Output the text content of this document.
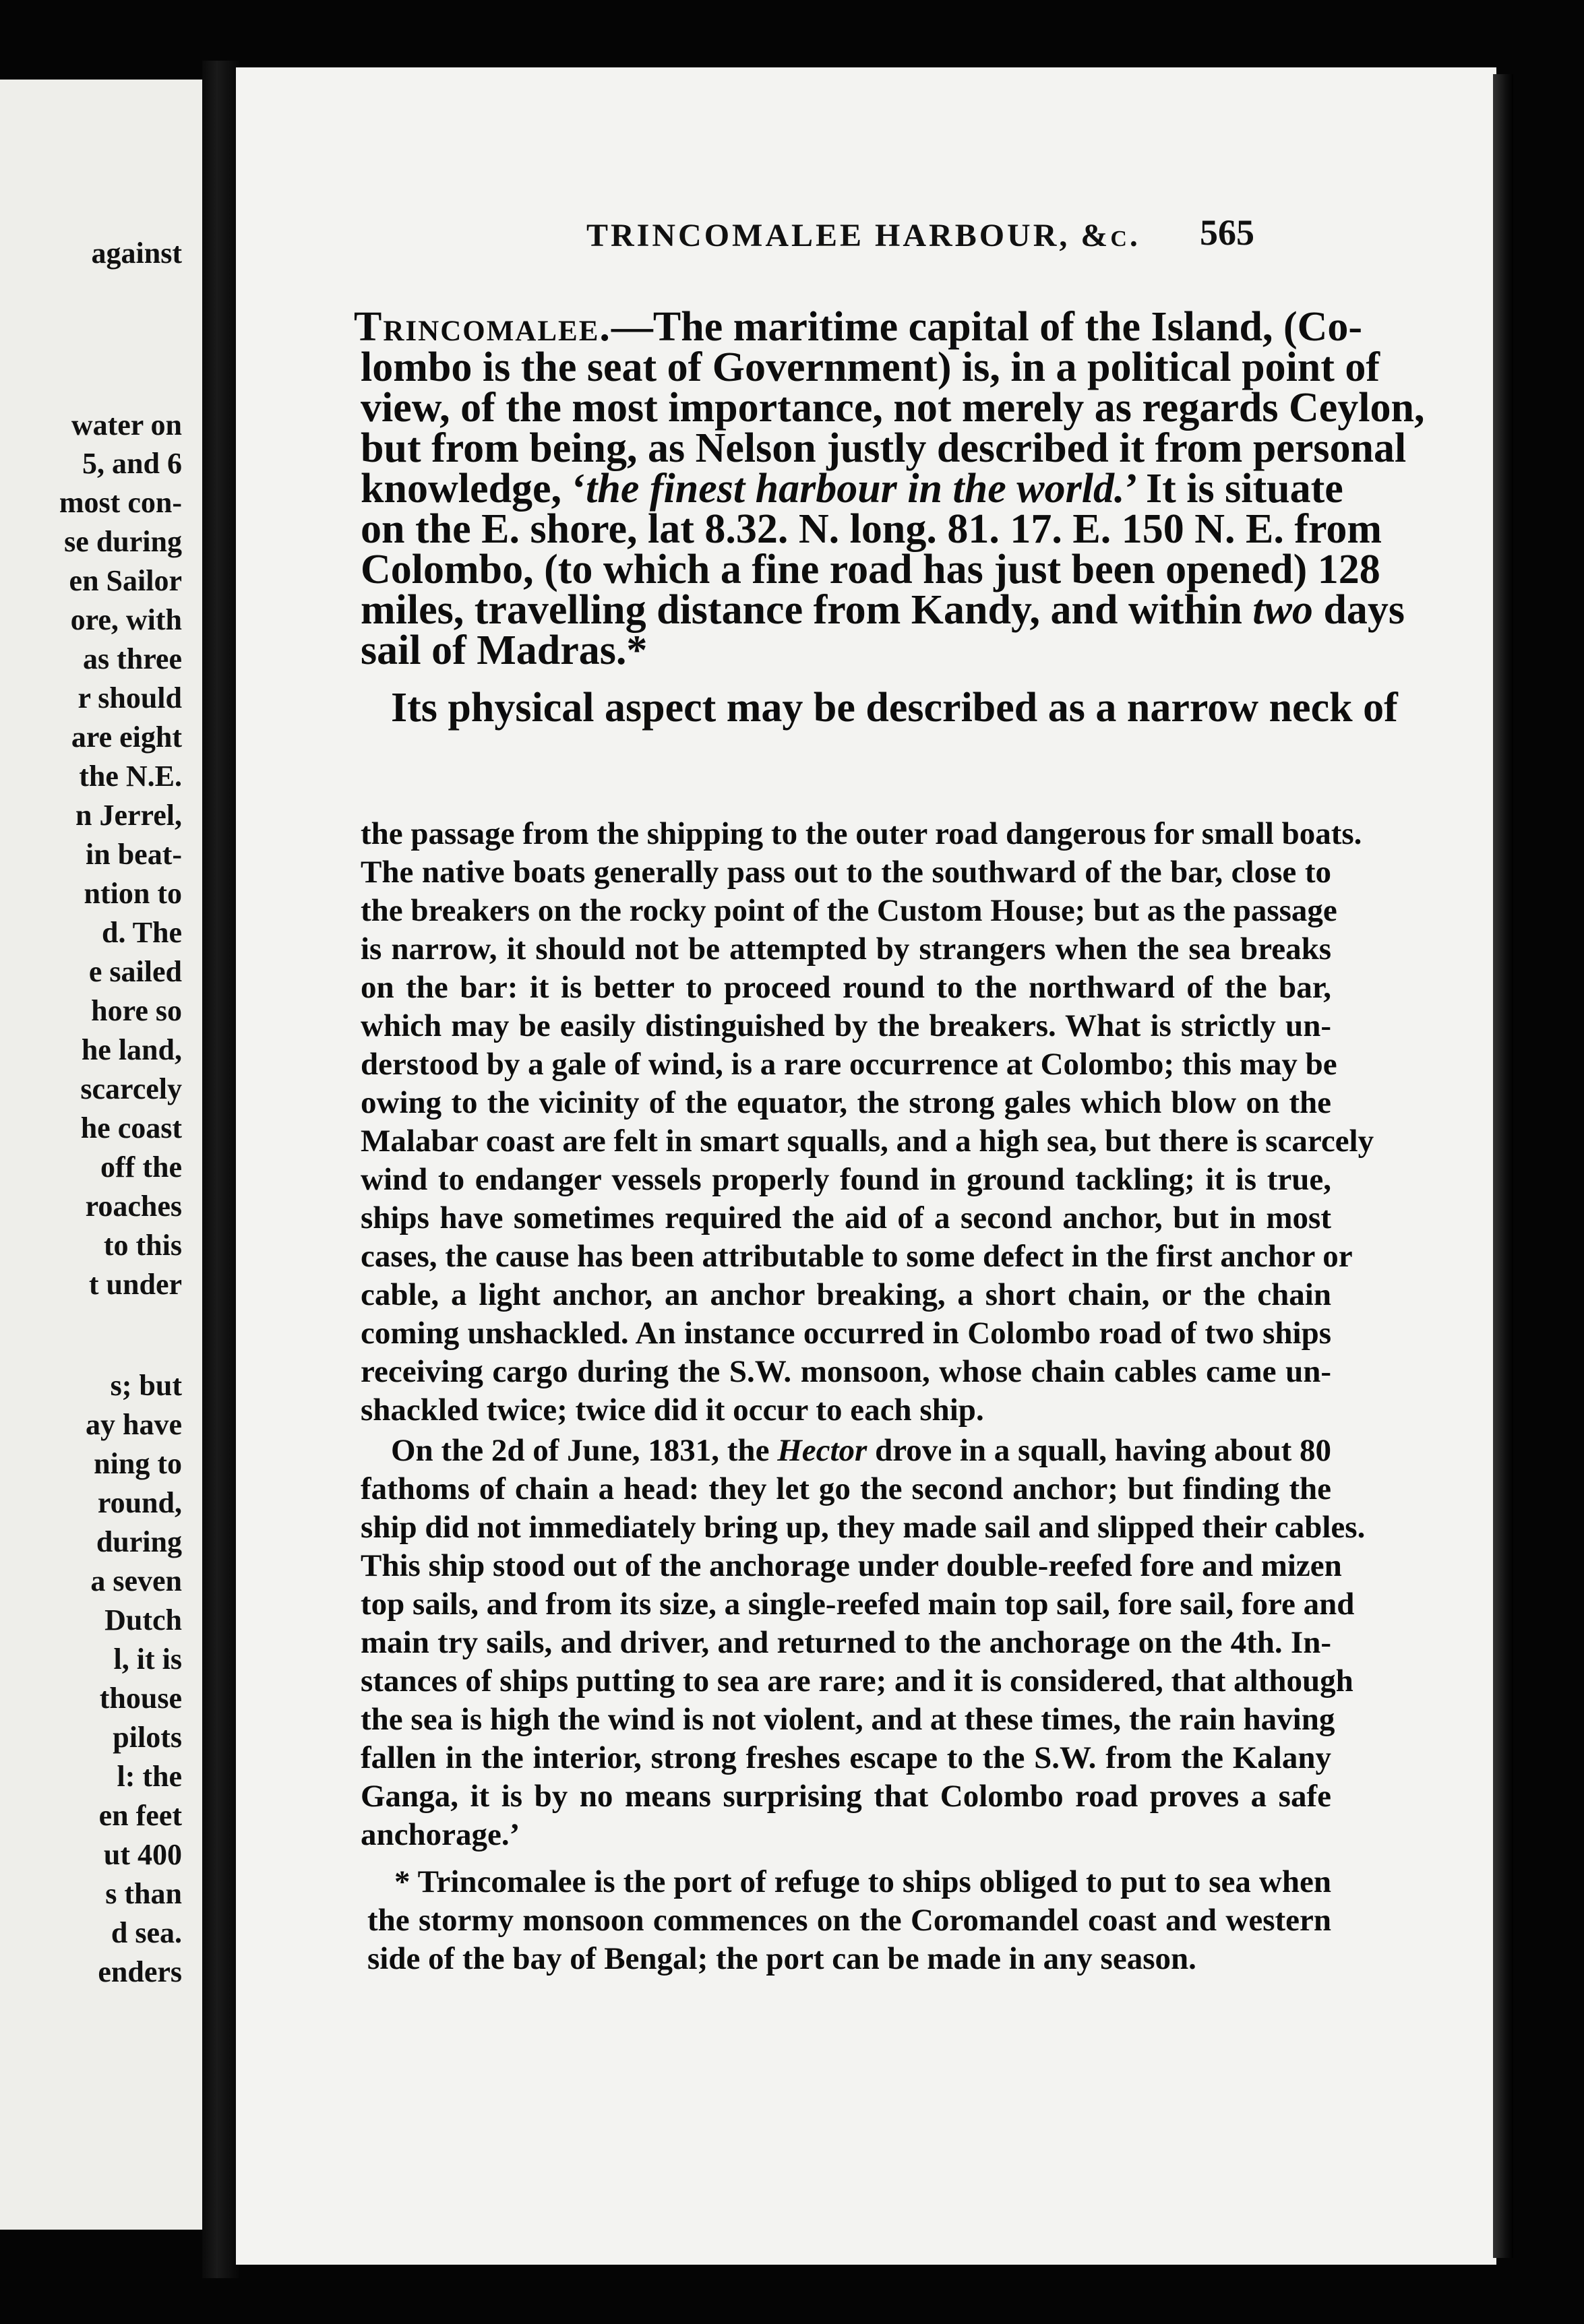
against
water on
5, and 6
most con-
se during
en Sailor
ore, with
as three
r should
are eight
the N.E.
n Jerrel,
in beat-
ntion to
d. The
e sailed
hore so
he land,
scarcely
he coast
off the
roaches
to this
t under
s; but
ay have
ning to
round,
during
a seven
Dutch
l, it is
thouse
pilots
l: the
en feet
ut 400
s than
d sea.
enders
TRINCOMALEE HARBOUR, &c. 565
Trincomalee.—The maritime capital of the Island, (Co-
lombo is the seat of Government) is, in a political point of
view, of the most importance, not merely as regards Ceylon,
but from being, as Nelson justly described it from personal
knowledge, ‘the finest harbour in the world.’ It is situate
on the E. shore, lat 8.32. N. long. 81. 17. E. 150 N. E. from
Colombo, (to which a fine road has just been opened) 128
miles, travelling distance from Kandy, and within two days
sail of Madras.*
Its physical aspect may be described as a narrow neck of
the passage from the shipping to the outer road dangerous for small boats.
The native boats generally pass out to the southward of the bar, close to
the breakers on the rocky point of the Custom House; but as the passage
is narrow, it should not be attempted by strangers when the sea breaks
on the bar: it is better to proceed round to the northward of the bar,
which may be easily distinguished by the breakers. What is strictly un-
derstood by a gale of wind, is a rare occurrence at Colombo; this may be
owing to the vicinity of the equator, the strong gales which blow on the
Malabar coast are felt in smart squalls, and a high sea, but there is scarcely
wind to endanger vessels properly found in ground tackling; it is true,
ships have sometimes required the aid of a second anchor, but in most
cases, the cause has been attributable to some defect in the first anchor or
cable, a light anchor, an anchor breaking, a short chain, or the chain
coming unshackled. An instance occurred in Colombo road of two ships
receiving cargo during the S.W. monsoon, whose chain cables came un-
shackled twice; twice did it occur to each ship.
On the 2d of June, 1831, the Hector drove in a squall, having about 80
fathoms of chain a head: they let go the second anchor; but finding the
ship did not immediately bring up, they made sail and slipped their cables.
This ship stood out of the anchorage under double-reefed fore and mizen
top sails, and from its size, a single-reefed main top sail, fore sail, fore and
main try sails, and driver, and returned to the anchorage on the 4th. In-
stances of ships putting to sea are rare; and it is considered, that although
the sea is high the wind is not violent, and at these times, the rain having
fallen in the interior, strong freshes escape to the S.W. from the Kalany
Ganga, it is by no means surprising that Colombo road proves a safe
anchorage.’
* Trincomalee is the port of refuge to ships obliged to put to sea when
the stormy monsoon commences on the Coromandel coast and western
side of the bay of Bengal; the port can be made in any season.
